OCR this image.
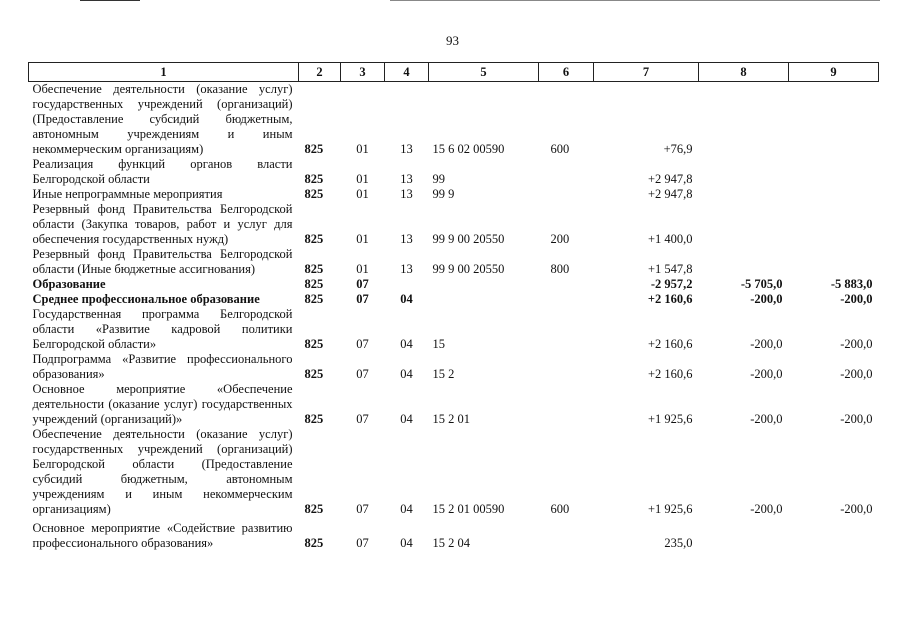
93
1	2	3	4	5	6	7	8	9
Обеспечение деятельности (оказание услуг) государственных учреждений (организаций) (Предоставление субсидий бюджетным, автономным учреждениям и иным некоммерческим организациям)	825	01	13	15 6 02 00590	600	+76,9		
Реализация функций органов власти Белгородской области	825	01	13	99		+2 947,8		
Иные непрограммные мероприятия	825	01	13	99 9		+2 947,8		
Резервный фонд Правительства Белгородской области (Закупка товаров, работ и услуг для обеспечения государственных нужд)	825	01	13	99 9 00 20550	200	+1 400,0		
Резервный фонд Правительства Белгородской области (Иные бюджетные ассигнования)	825	01	13	99 9 00 20550	800	+1 547,8		
Образование	825	07				-2 957,2	-5 705,0	-5 883,0
Среднее профессиональное образование	825	07	04			+2 160,6	-200,0	-200,0
Государственная программа Белгородской области «Развитие кадровой политики Белгородской области»	825	07	04	15		+2 160,6	-200,0	-200,0
Подпрограмма «Развитие профессионального образования»	825	07	04	15 2		+2 160,6	-200,0	-200,0
Основное мероприятие «Обеспечение деятельности (оказание услуг) государственных учреждений (организаций)»	825	07	04	15 2 01		+1 925,6	-200,0	-200,0
Обеспечение деятельности (оказание услуг) государственных учреждений (организаций) Белгородской области (Предоставление субсидий бюджетным, автономным учреждениям и иным некоммерческим организациям)	825	07	04	15 2 01 00590	600	+1 925,6	-200,0	-200,0
Основное мероприятие «Содействие развитию профессионального образования»	825	07	04	15 2 04		235,0		
